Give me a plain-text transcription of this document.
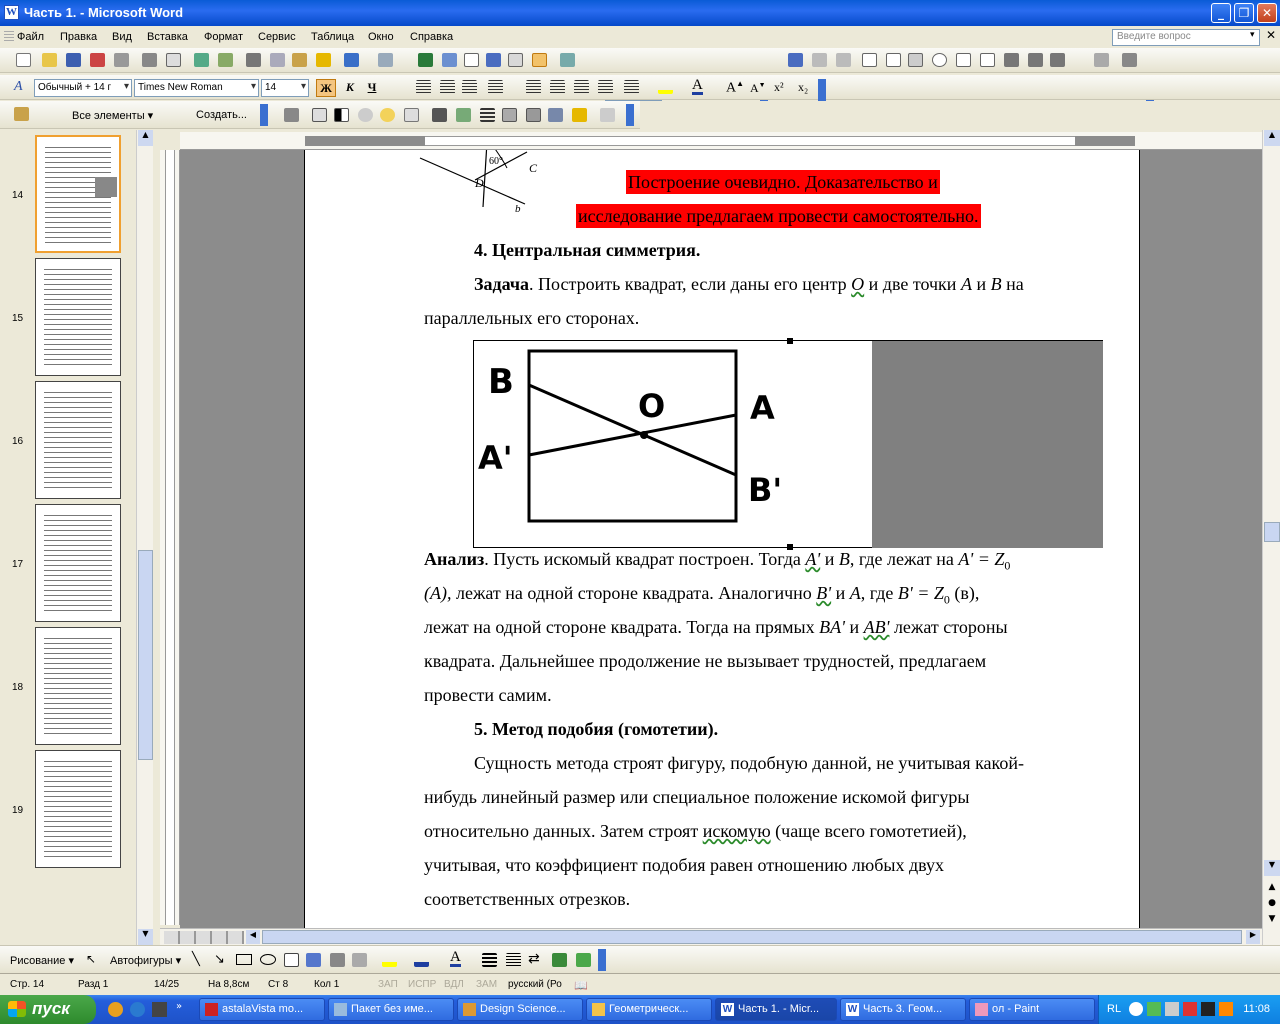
W Часть 1. - Microsoft Word	_	❐	✕
Файл Правка Вид Вставка Формат Сервис Таблица Окно Справка	Введите вопрос	▾ ✕
▾
A	Обычный + 14 г ▾	Times New Roman ▾	14 ▾	Ж	К	Ч	A A▲ A▼ x² x₂
Все элементы ▾	Создать...
14
15
16
17
18
19
▲
▼
60° C
D
b
Построение очевидно. Доказательство и
исследование предлагаем провести самостоятельно.
4. Центральная симметрия.
Задача. Построить квадрат, если даны его центр O и две точки A и B на
параллельных его сторонах.
B
O	A
A'
B'
Анализ. Пусть искомый квадрат построен. Тогда A' и B, где лежат на $A' = Z_0$
(A), лежат на одной стороне квадрата. Аналогично B' и A, где $B' = Z_0$ (в),
лежат на одной стороне квадрата. Тогда на прямых BA' и AB' лежат стороны
квадрата. Дальнейшее продолжение не вызывает трудностей, предлагаем
провести самим.
5. Метод подобия (гомотетии).
Сущность метода строят фигуру, подобную данной, не учитывая какой-
нибудь линейный размер или специальное положение искомой фигуры
относительно данных. Затем строят искомую (чаще всего гомотетией),
учитывая, что коэффициент подобия равен отношению любых двух
соответственных отрезков.
▲
▼
▲
●
▼
◀	▶
Рисование ▾ ↖ Автофигуры ▾ ╲ ↘	A	⇄
Стр. 14	Разд 1	14/25	На 8,8см Ст 8	Кол 1	ЗАП ИСПР ВДЛ ЗАМ русский (Ро 📖
пуск	»	astalaVista mo...	Пакет без име...	Design Science...	Геометрическ...	W Часть 1. - Micr...	W Часть 3. Геом...	ол - Paint	RL	11:08
